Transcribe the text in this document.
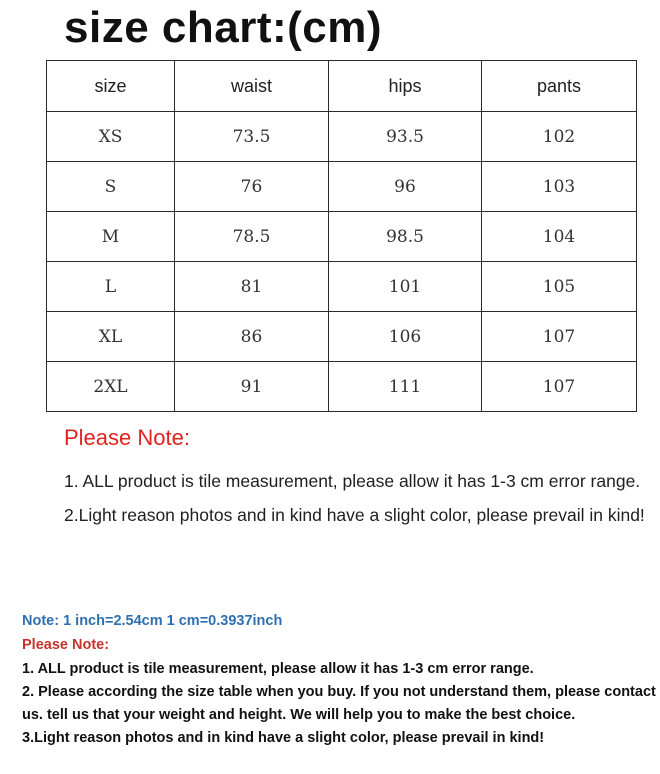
size chart:(cm)
size	waist	hips	pants
XS	73.5	93.5	102
S	76	96	103
M	78.5	98.5	104
L	81	101	105
XL	86	106	107
2XL	91	111	107
Please Note:

1. ALL product is tile measurement, please allow it has 1-3 cm error range.

2.Light reason photos and in kind have a slight color, please prevail in kind!

Note: 1 inch=2.54cm 1 cm=0.3937inch
Please Note:

1. ALL product is tile measurement, please allow it has 1-3 cm error range.

2. Please according the size table when you buy. If you not understand them, please contact us. tell us that your weight and height. We will help you to make the best choice.

3.Light reason photos and in kind have a slight color, please prevail in kind!
